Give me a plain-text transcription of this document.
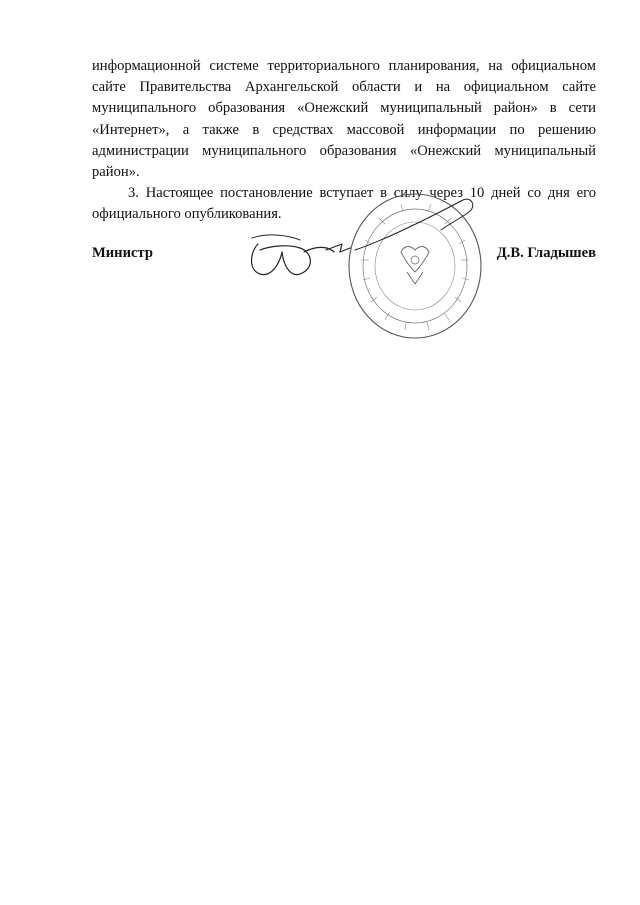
информационной системе территориального планирования, на официальном сайте Правительства Архангельской области и на официальном сайте муниципального образования «Онежский муниципальный район» в сети «Интернет», а также в средствах массовой информации по решению администрации муниципального образования «Онежский муниципальный район».

3. Настоящее постановление вступает в силу через 10 дней со дня его официального опубликования.

Министр	Д.В. Гладышев
